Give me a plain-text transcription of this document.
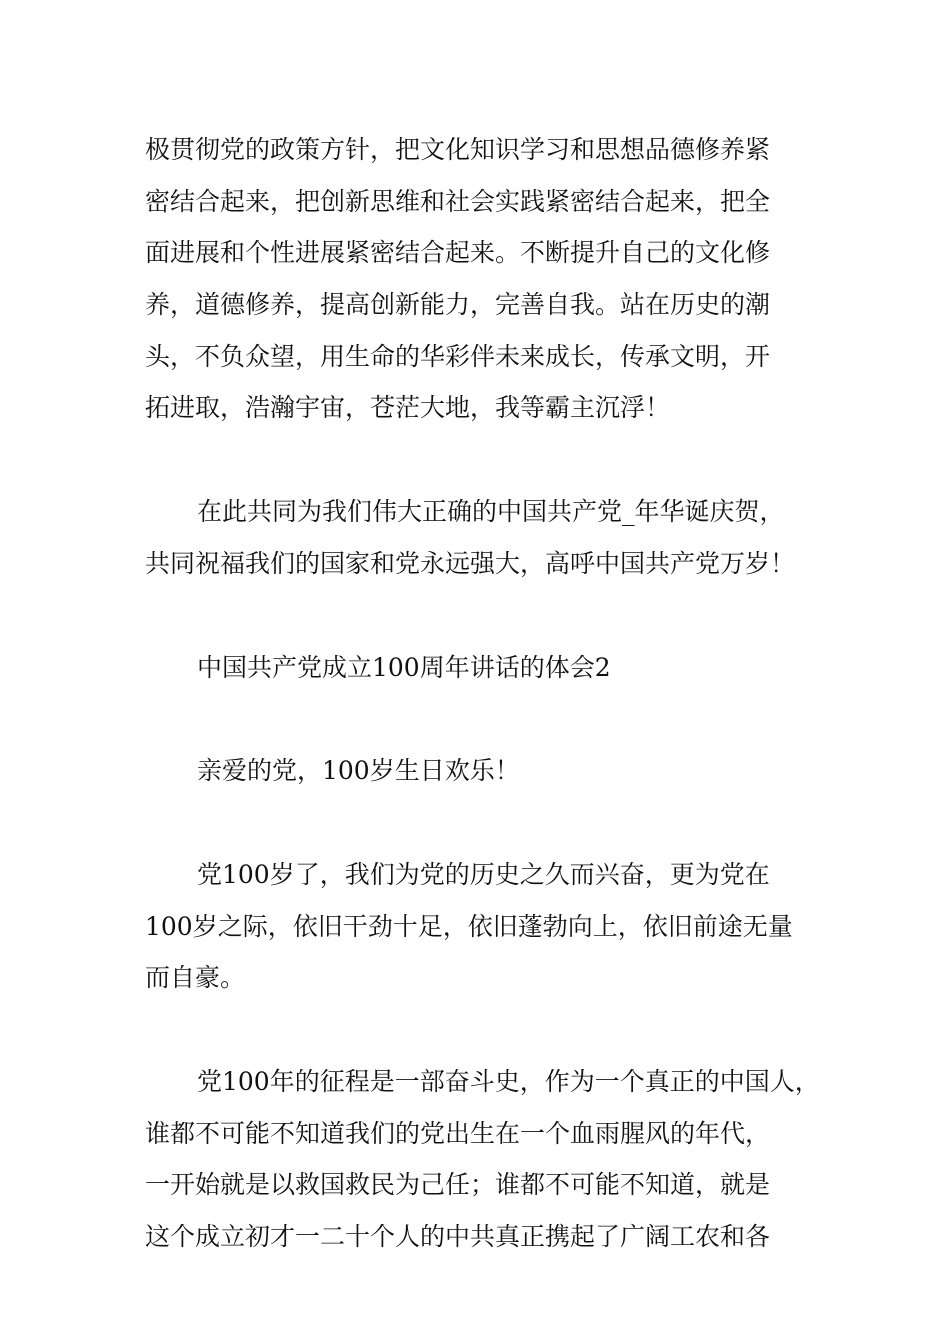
极贯彻党的政策方针，把文化知识学习和思想品德修养紧
密结合起来，把创新思维和社会实践紧密结合起来，把全
面进展和个性进展紧密结合起来。不断提升自己的文化修
养，道德修养，提高创新能力，完善自我。站在历史的潮
头，不负众望，用生命的华彩伴未来成长，传承文明，开
拓进取，浩瀚宇宙，苍茫大地，我等霸主沉浮！
在此共同为我们伟大正确的中国共产党_年华诞庆贺，
共同祝福我们的国家和党永远强大，高呼中国共产党万岁！
中国共产党成立100周年讲话的体会2
亲爱的党，100岁生日欢乐！
党100岁了，我们为党的历史之久而兴奋，更为党在
100岁之际，依旧干劲十足，依旧蓬勃向上，依旧前途无量
而自豪。
党100年的征程是一部奋斗史，作为一个真正的中国人，
谁都不可能不知道我们的党出生在一个血雨腥风的年代，
一开始就是以救国救民为己任；谁都不可能不知道，就是
这个成立初才一二十个人的中共真正携起了广阔工农和各
